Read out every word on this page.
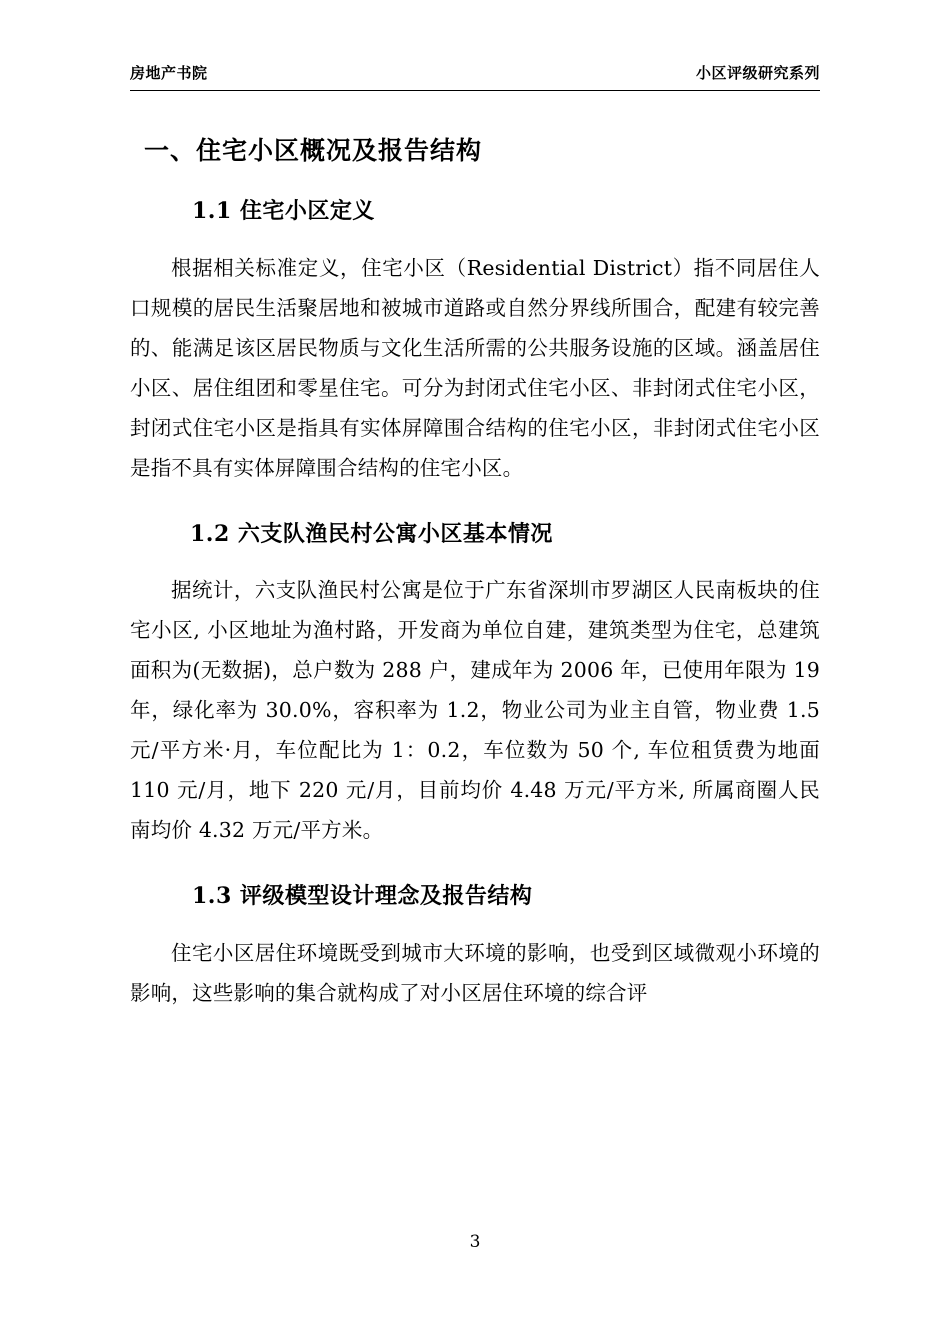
房地产书院	小区评级研究系列
一、住宅小区概况及报告结构
1.1 住宅小区定义

根据相关标准定义，住宅小区（Residential District）指不同居住人口规模的居民生活聚居地和被城市道路或自然分界线所围合，配建有较完善的、能满足该区居民物质与文化生活所需的公共服务设施的区域。涵盖居住小区、居住组团和零星住宅。可分为封闭式住宅小区、非封闭式住宅小区，封闭式住宅小区是指具有实体屏障围合结构的住宅小区，非封闭式住宅小区是指不具有实体屏障围合结构的住宅小区。

1.2 六支队渔民村公寓小区基本情况

据统计，六支队渔民村公寓是位于广东省深圳市罗湖区人民南板块的住宅小区, 小区地址为渔村路，开发商为单位自建，建筑类型为住宅，总建筑面积为(无数据)，总户数为 288 户，建成年为 2006 年，已使用年限为 19 年，绿化率为 30.0%，容积率为 1.2，物业公司为业主自管，物业费 1.5 元/平方米·月，车位配比为 1：0.2，车位数为 50 个, 车位租赁费为地面 110 元/月，地下 220 元/月，目前均价 4.48 万元/平方米, 所属商圈人民南均价 4.32 万元/平方米。

1.3 评级模型设计理念及报告结构

住宅小区居住环境既受到城市大环境的影响，也受到区域微观小环境的影响，这些影响的集合就构成了对小区居住环境的综合评

3
